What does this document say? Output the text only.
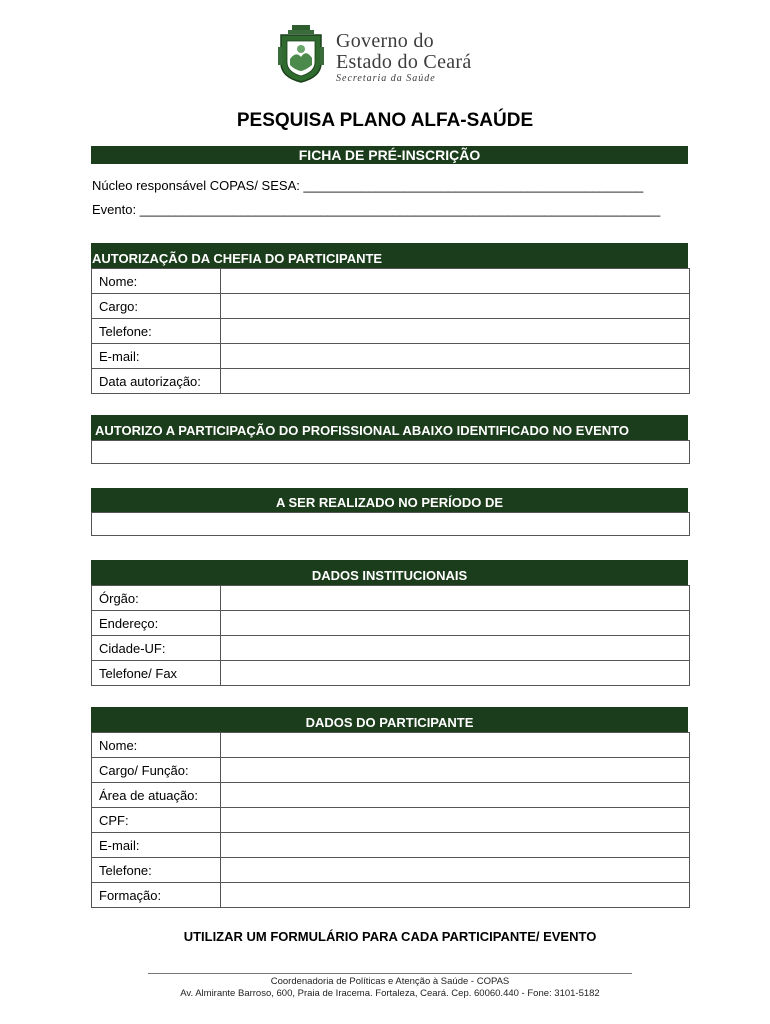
Governo do
Estado do Ceará
Secretaria da Saúde
PESQUISA PLANO ALFA-SAÚDE
FICHA DE PRÉ-INSCRIÇÃO
Núcleo responsável COPAS/ SESA: _______________________________________________
Evento: ________________________________________________________________________
AUTORIZAÇÃO DA CHEFIA DO PARTICIPANTE
Nome:	
Cargo:	
Telefone:	
E-mail:	
Data autorização:	
AUTORIZO A PARTICIPAÇÃO DO PROFISSIONAL ABAIXO IDENTIFICADO NO EVENTO
A SER REALIZADO NO PERÍODO DE
DADOS INSTITUCIONAIS
Órgão:	
Endereço:	
Cidade-UF:	
Telefone/ Fax	
DADOS DO PARTICIPANTE
Nome:	
Cargo/ Função:	
Área de atuação:	
CPF:	
E-mail:	
Telefone:	
Formação:	
UTILIZAR UM FORMULÁRIO PARA CADA PARTICIPANTE/ EVENTO
Coordenadoria de Políticas e Atenção à Saúde - COPAS
Av. Almirante Barroso, 600, Praia de Iracema. Fortaleza, Ceará. Cep. 60060.440 - Fone: 3101-5182
